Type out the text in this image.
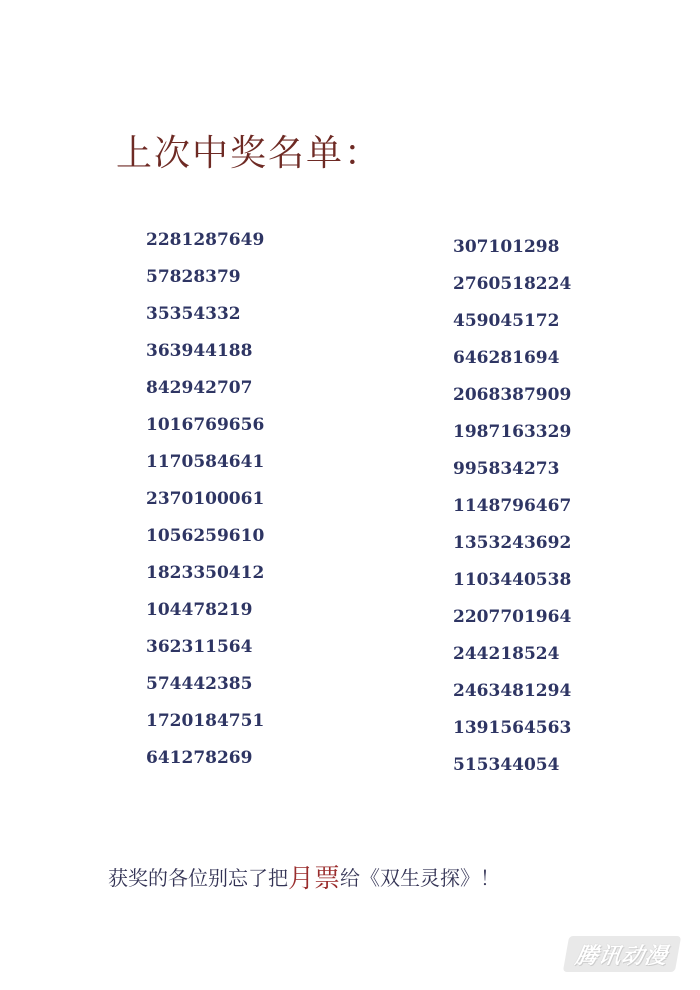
上次中奖名单：
2281287649
57828379
35354332
363944188
842942707
1016769656
1170584641
2370100061
1056259610
1823350412
104478219
362311564
574442385
1720184751
641278269
307101298
2760518224
459045172
646281694
2068387909
1987163329
995834273
1148796467
1353243692
1103440538
2207701964
244218524
2463481294
1391564563
515344054

获奖的各位别忘了把月票给《双生灵探》！

腾讯动漫
